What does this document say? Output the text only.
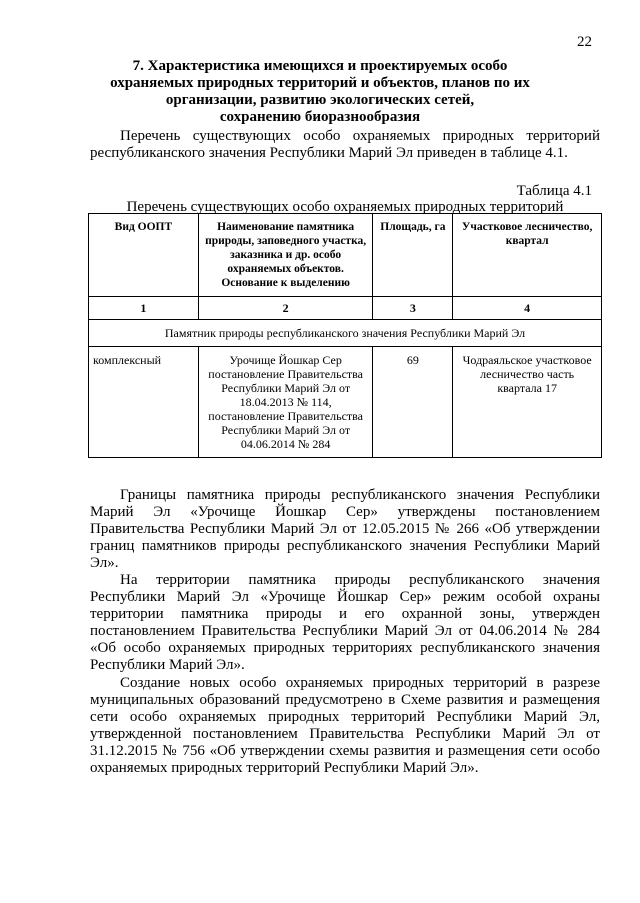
22
7. Характеристика имеющихся и проектируемых особо
охраняемых природных территорий и объектов, планов по их
организации, развитию экологических сетей,
сохранению биоразнообразия
Перечень существующих особо охраняемых природных территорий республиканского значения Республики Марий Эл приведен в таблице 4.1.
Таблица 4.1
Перечень существующих особо охраняемых природных территорий
Вид ООПТ	Наименование памятника природы, заповедного участка, заказника и др. особо охраняемых объектов. Основание к выделению	Площадь, га	Участковое лесничество, квартал
1	2	3	4
Памятник природы республиканского значения Республики Марий Эл			
комплексный	Урочище Йошкар Сер постановление Правительства Республики Марий Эл от 18.04.2013 № 114, постановление Правительства Республики Марий Эл от 04.06.2014 № 284	69	Чодраяльское участковое лесничество часть квартала 17
Границы памятника природы республиканского значения Республики Марий Эл «Урочище Йошкар Сер» утверждены постановлением Правительства Республики Марий Эл от 12.05.2015 № 266 «Об утверждении границ памятников природы республиканского значения Республики Марий Эл».
На территории памятника природы республиканского значения Республики Марий Эл «Урочище Йошкар Сер» режим особой охраны территории памятника природы и его охранной зоны, утвержден постановлением Правительства Республики Марий Эл от 04.06.2014 № 284 «Об особо охраняемых природных территориях республиканского значения Республики Марий Эл».
Создание новых особо охраняемых природных территорий в разрезе муниципальных образований предусмотрено в Схеме развития и размещения сети особо охраняемых природных территорий Республики Марий Эл, утвержденной постановлением Правительства Республики Марий Эл от 31.12.2015 № 756 «Об утверждении схемы развития и размещения сети особо охраняемых природных территорий Республики Марий Эл».
